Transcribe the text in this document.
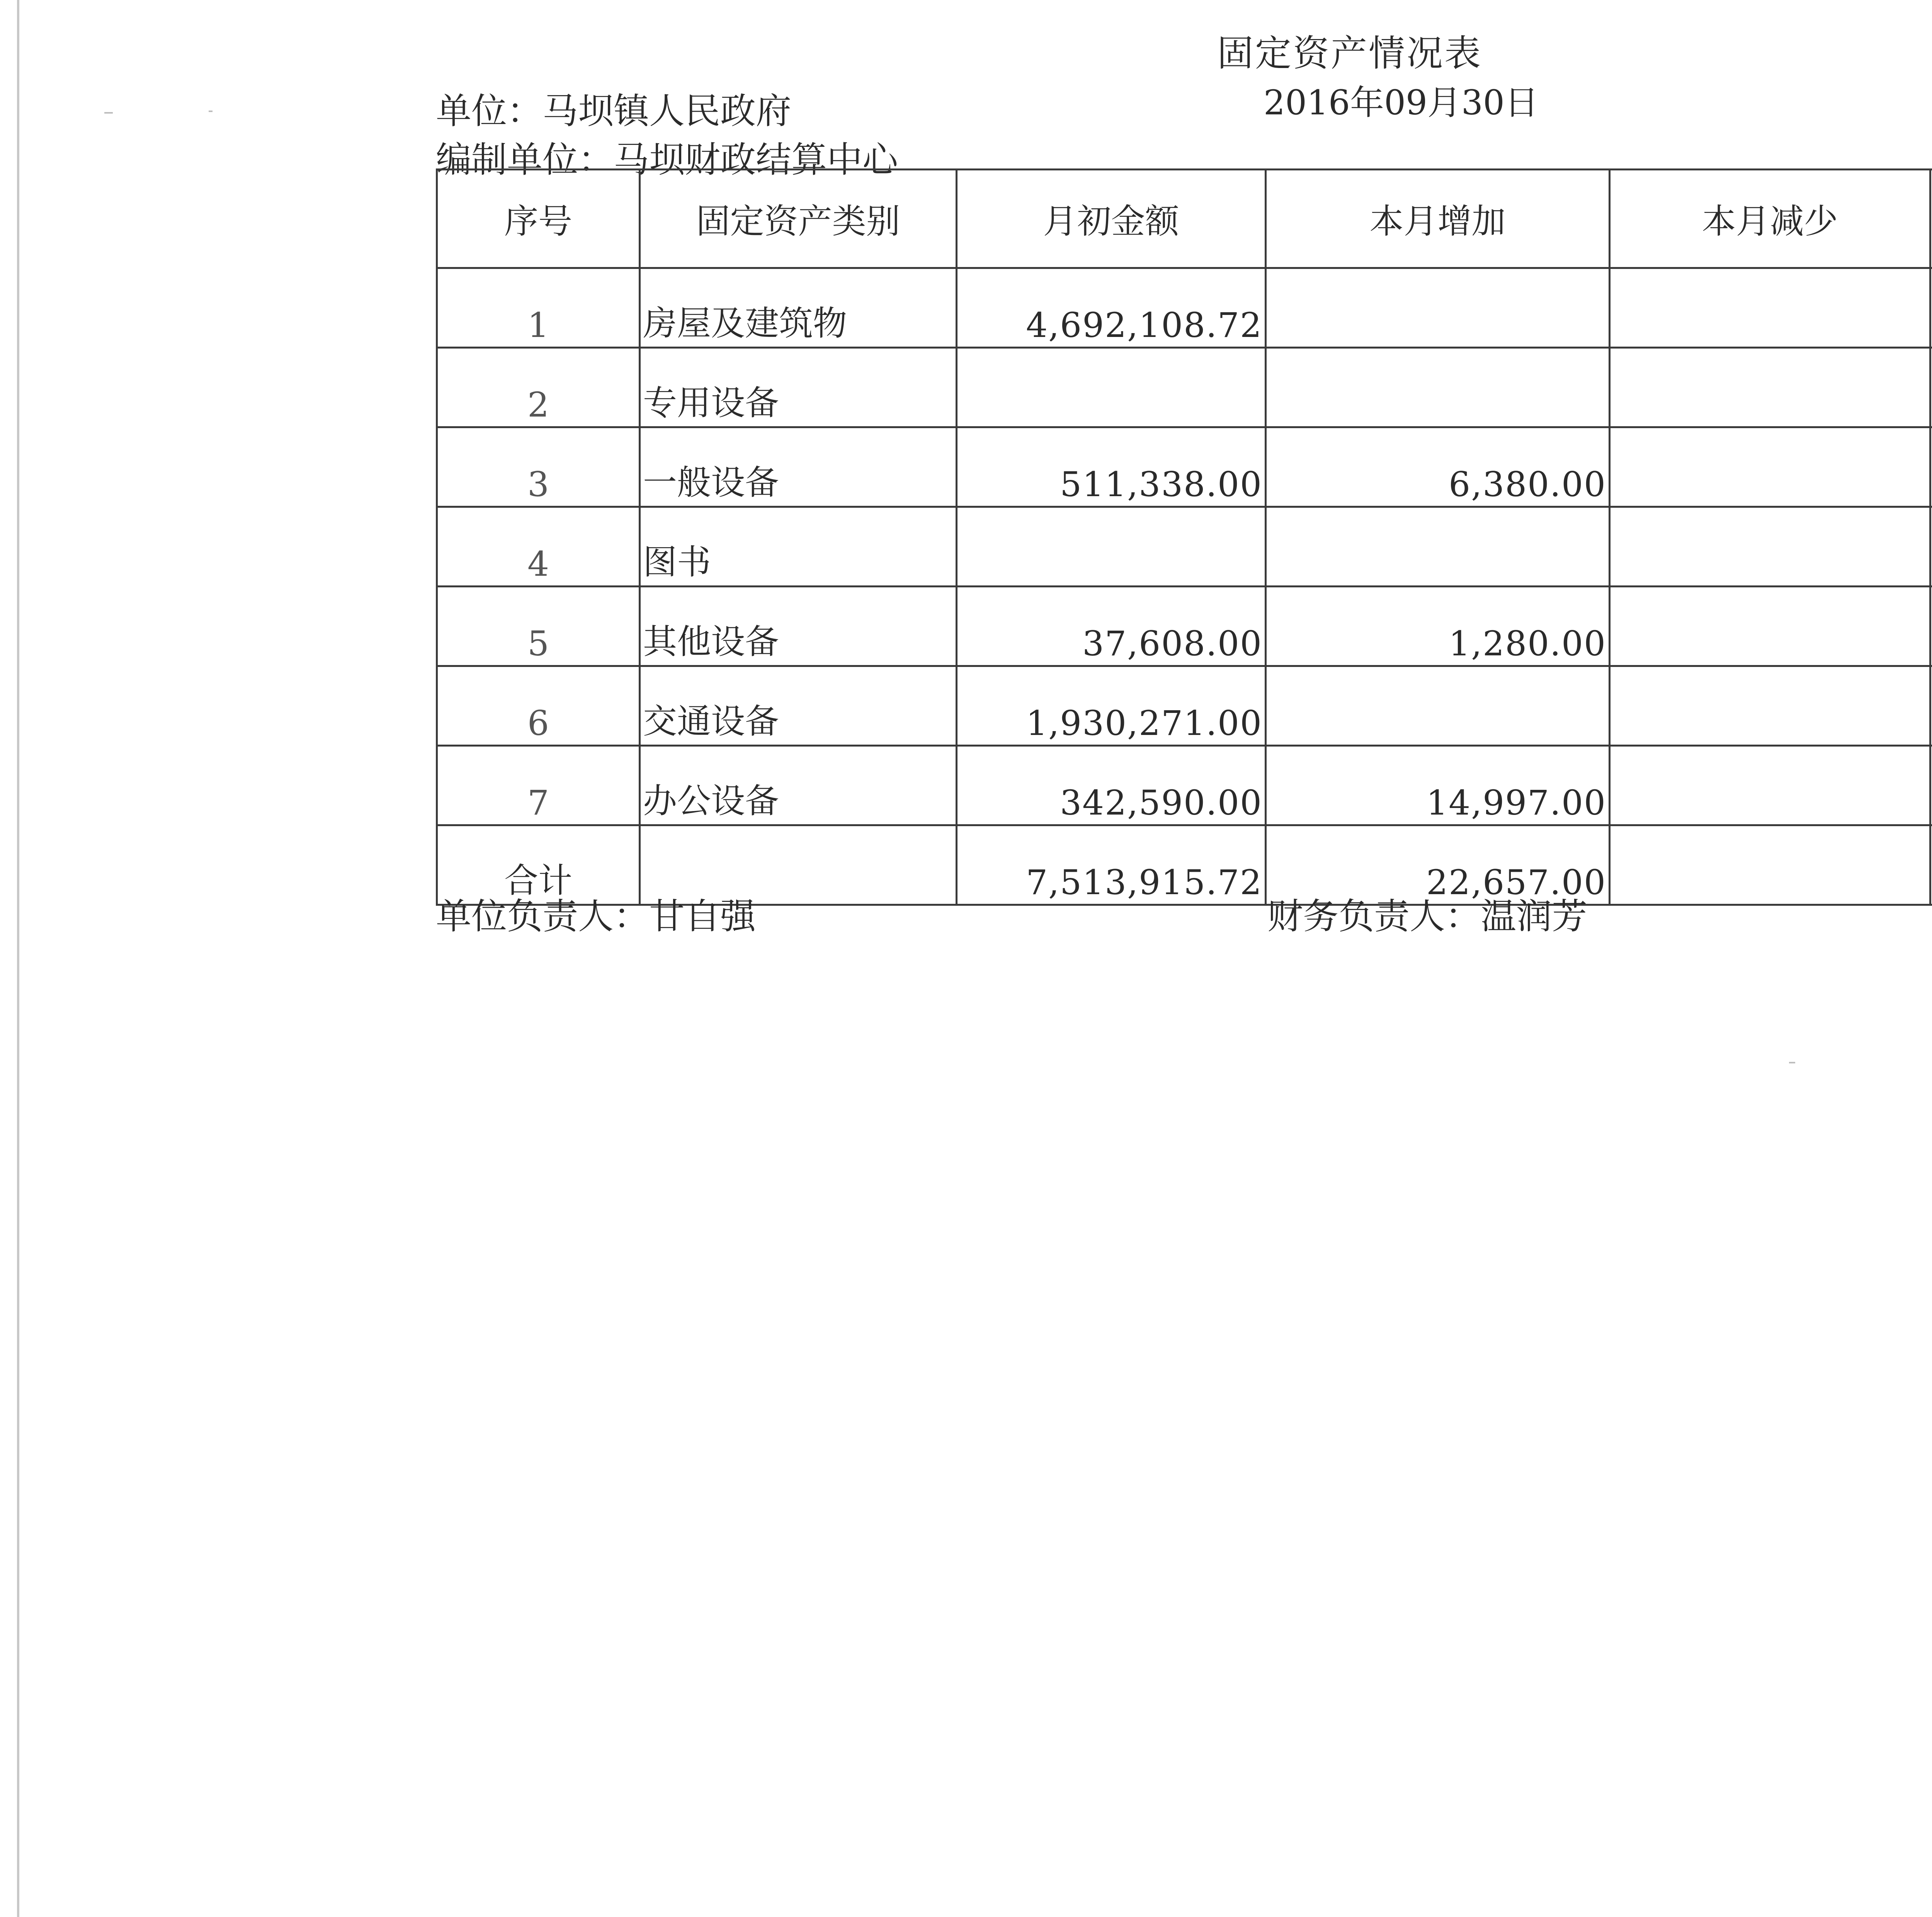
固定资产情况表
单位：马坝镇人民政府	2016年09月30日
编制单位：马坝财政结算中心
序号	固定资产类别	月初金额	本月增加	本月减少	
1	房屋及建筑物	4,692,108.72			
2	专用设备				
3	一般设备	511,338.00	6,380.00		
4	图书				
5	其他设备	37,608.00	1,280.00		
6	交通设备	1,930,271.00			
7	办公设备	342,590.00	14,997.00		
合计		7,513,915.72	22,657.00		
单位负责人：甘自强	财务负责人：温润芳
